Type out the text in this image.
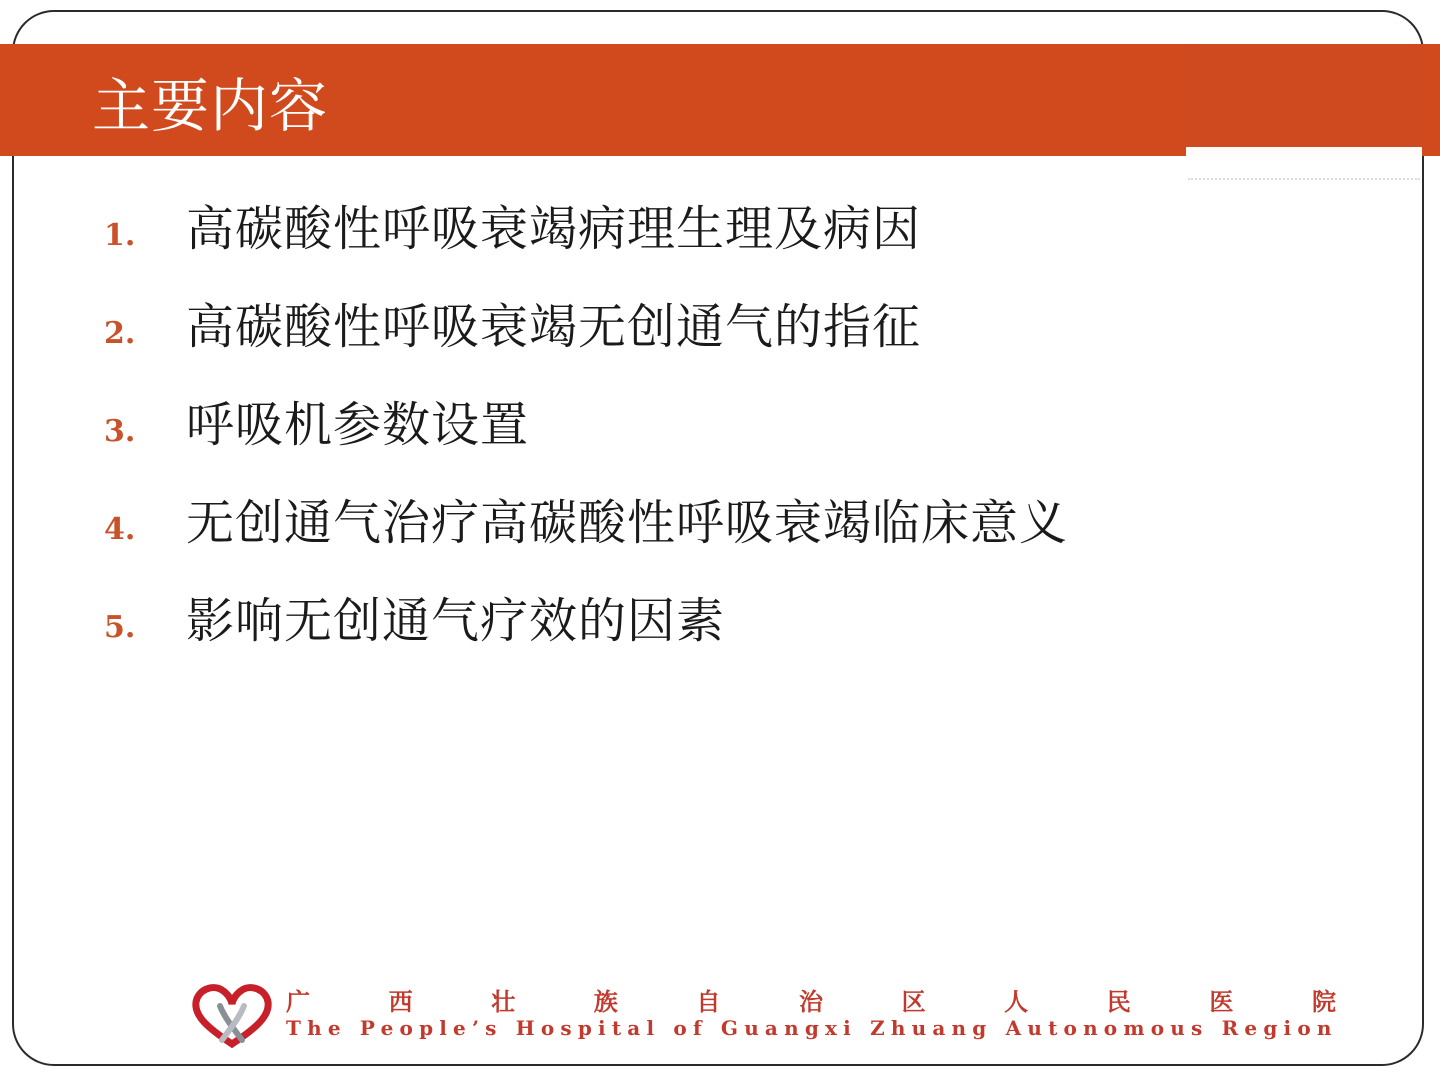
主要内容
1.	高碳酸性呼吸衰竭病理生理及病因
2.	高碳酸性呼吸衰竭无创通气的指征
3.	呼吸机参数设置
4.	无创通气治疗高碳酸性呼吸衰竭临床意义
5.	影响无创通气疗效的因素
广	西	壮	族	自	治	区	人	民	医	院
The People’s Hospital of Guangxi Zhuang Autonomous Region
